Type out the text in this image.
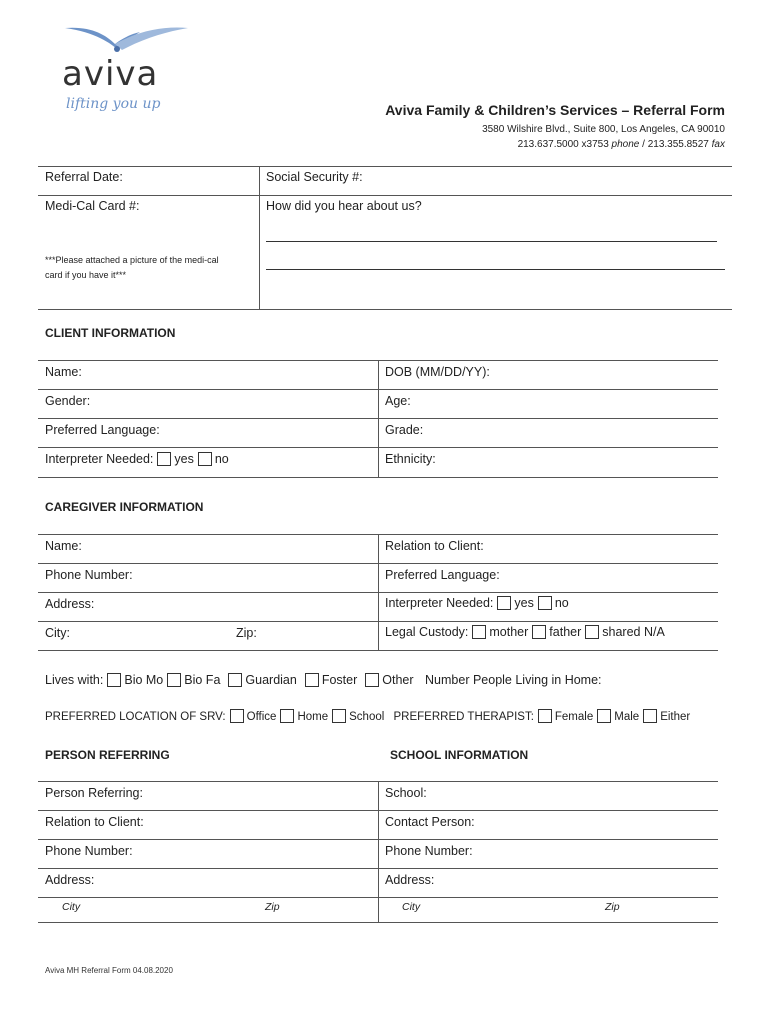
aviva
lifting you up	Aviva Family & Children’s Services – Referral Form
3580 Wilshire Blvd., Suite 800, Los Angeles, CA 90010
213.637.5000 x3753 phone / 213.355.8527 fax
Referral Date:	Social Security #:
Medi-Cal Card #:	How did you hear about us?
***Please attached a picture of the medi-cal
card if you have it***
CLIENT INFORMATION
Name:	DOB (MM/DD/YY):
Gender:	Age:
Preferred Language:	Grade:
Interpreter Needed: yes no	Ethnicity:
CAREGIVER INFORMATION
Name:	Relation to Client:
Phone Number:	Preferred Language:
Address:	Interpreter Needed: yes no
City:	Zip:	Legal Custody: mother father shared N/A
Lives with: Bio Mo Bio Fa Guardian Foster Other Number People Living in Home:
PREFERRED LOCATION OF SRV: Office Home School PREFERRED THERAPIST: Female Male Either
PERSON REFERRING	SCHOOL INFORMATION
Person Referring:	School:
Relation to Client:	Contact Person:
Phone Number:	Phone Number:
Address:	Address:
City	Zip	City	Zip
Aviva MH Referral Form 04.08.2020
